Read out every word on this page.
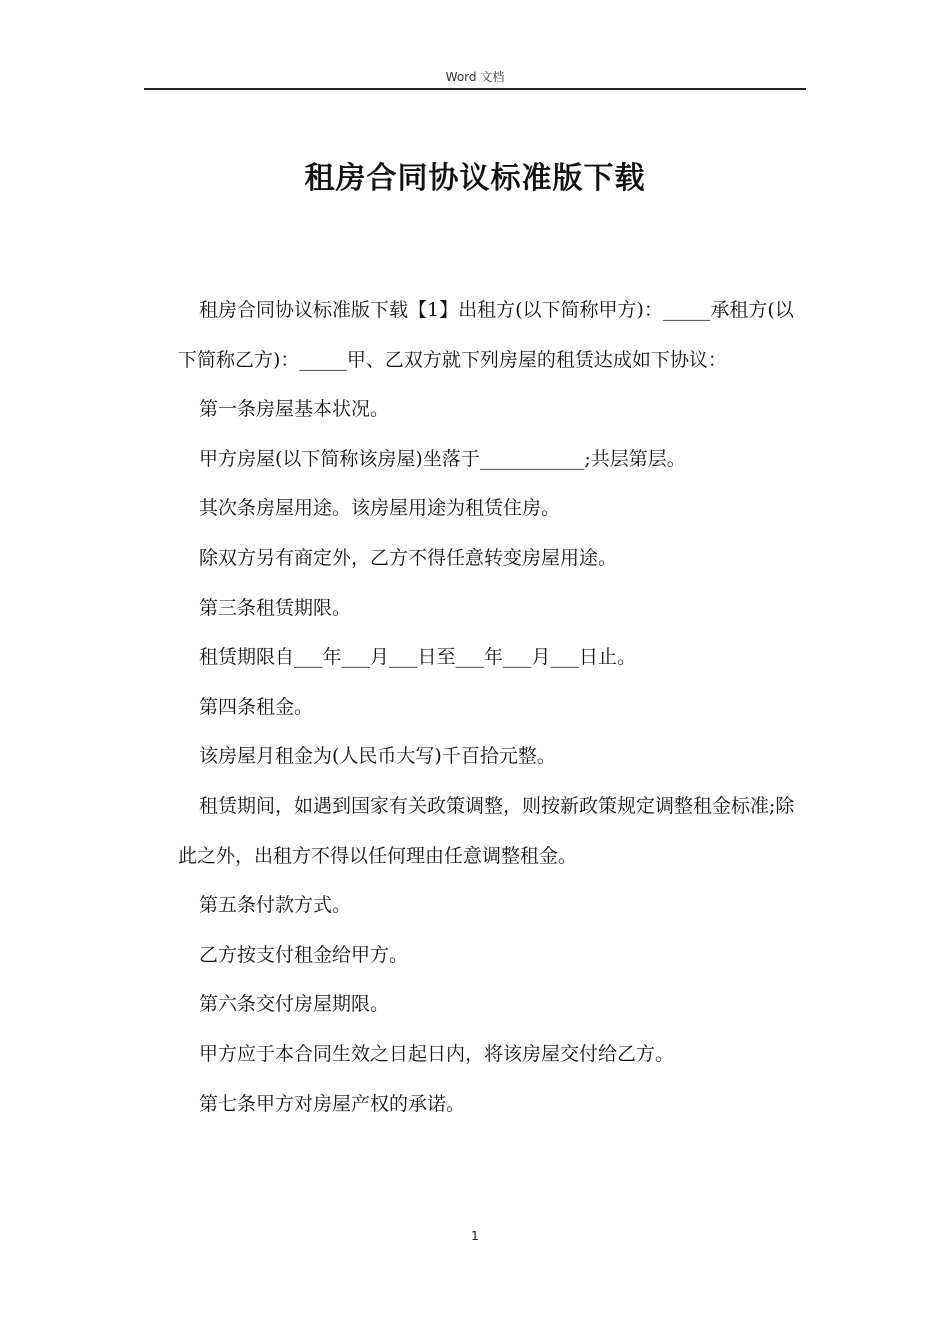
Word 文档
租房合同协议标准版下载

租房合同协议标准版下载【1】出租方(以下简称甲方)：_____承租方(以下简称乙方)：_____甲、乙双方就下列房屋的租赁达成如下协议：

第一条房屋基本状况。

甲方房屋(以下简称该房屋)坐落于___________;共层第层。

其次条房屋用途。该房屋用途为租赁住房。

除双方另有商定外，乙方不得任意转变房屋用途。

第三条租赁期限。

租赁期限自___年___月___日至___年___月___日止。

第四条租金。

该房屋月租金为(人民币大写)千百拾元整。

租赁期间，如遇到国家有关政策调整，则按新政策规定调整租金标准;除此之外，出租方不得以任何理由任意调整租金。

第五条付款方式。

乙方按支付租金给甲方。

第六条交付房屋期限。

甲方应于本合同生效之日起日内，将该房屋交付给乙方。

第七条甲方对房屋产权的承诺。

1
